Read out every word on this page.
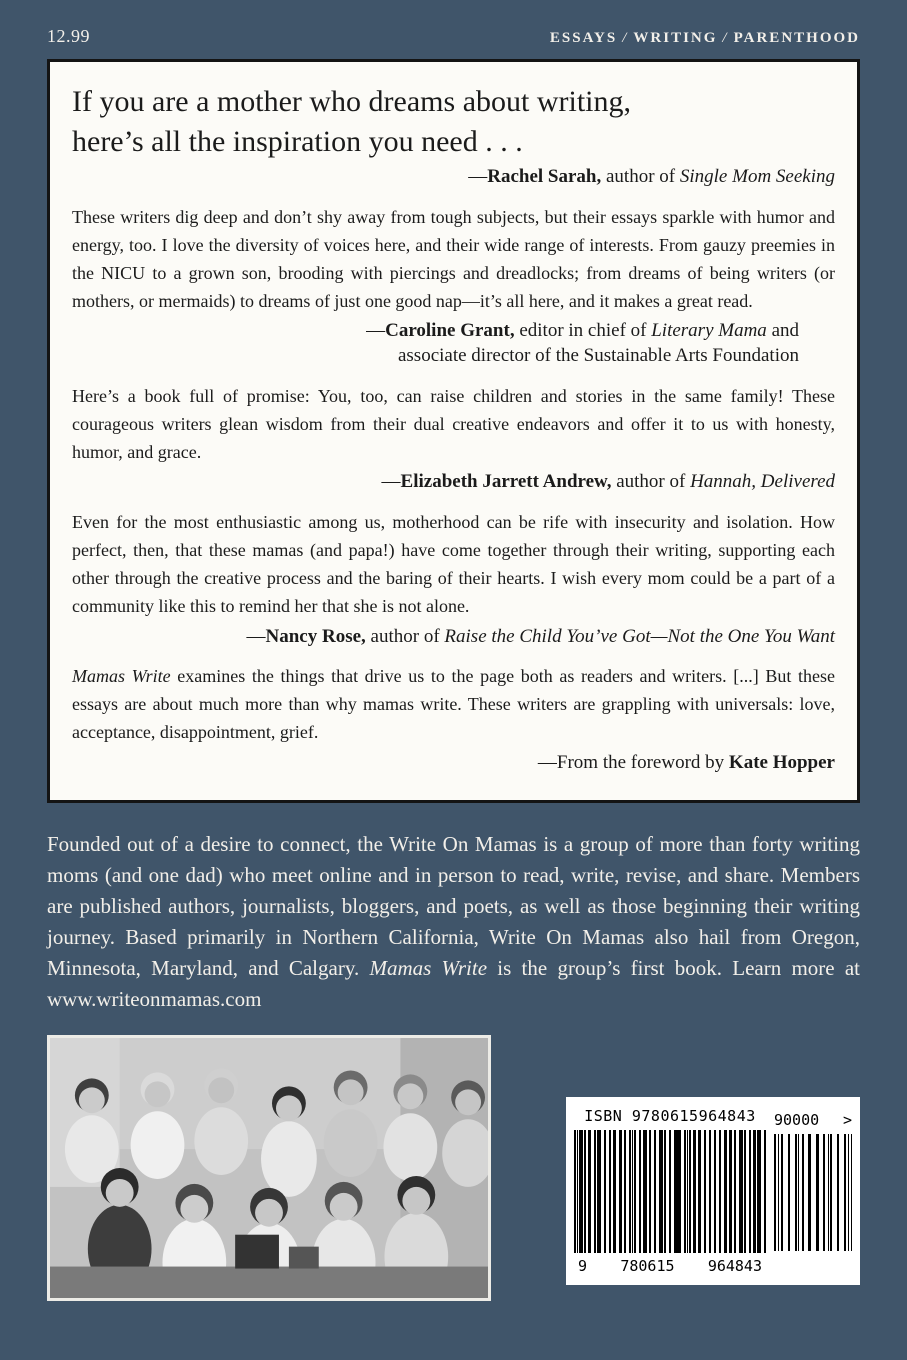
12.99	ESSAYS / WRITING / PARENTHOOD
If you are a mother who dreams about writing,
here’s all the inspiration you need . . .

—Rachel Sarah, author of Single Mom Seeking

These writers dig deep and don’t shy away from tough subjects, but their essays sparkle with humor and energy, too. I love the diversity of voices here, and their wide range of interests. From gauzy preemies in the NICU to a grown son, brooding with piercings and dreadlocks; from dreams of being writers (or mothers, or mermaids) to dreams of just one good nap—it’s all here, and it makes a great read.

—Caroline Grant, editor in chief of Literary Mama and
associate director of the Sustainable Arts Foundation

Here’s a book full of promise: You, too, can raise children and stories in the same family! These courageous writers glean wisdom from their dual creative endeavors and offer it to us with honesty, humor, and grace.

—Elizabeth Jarrett Andrew, author of Hannah, Delivered

Even for the most enthusiastic among us, motherhood can be rife with insecurity and isolation. How perfect, then, that these mamas (and papa!) have come together through their writing, supporting each other through the creative process and the baring of their hearts. I wish every mom could be a part of a community like this to remind her that she is not alone.

—Nancy Rose, author of Raise the Child You’ve Got—Not the One You Want

Mamas Write examines the things that drive us to the page both as readers and writers. [...] But these essays are about much more than why mamas write. These writers are grappling with universals: love, acceptance, disappointment, grief.

—From the foreword by Kate Hopper

Founded out of a desire to connect, the Write On Mamas is a group of more than forty writing moms (and one dad) who meet online and in person to read, write, revise, and share. Members are published authors, journalists, bloggers, and poets, as well as those beginning their writing journey. Based primarily in Northern California, Write On Mamas also hail from Oregon, Minnesota, Maryland, and Calgary. Mamas Write is the group’s first book. Learn more at www.writeonmamas.com

ISBN 9780615964843
9 780615 964843
90000 >
